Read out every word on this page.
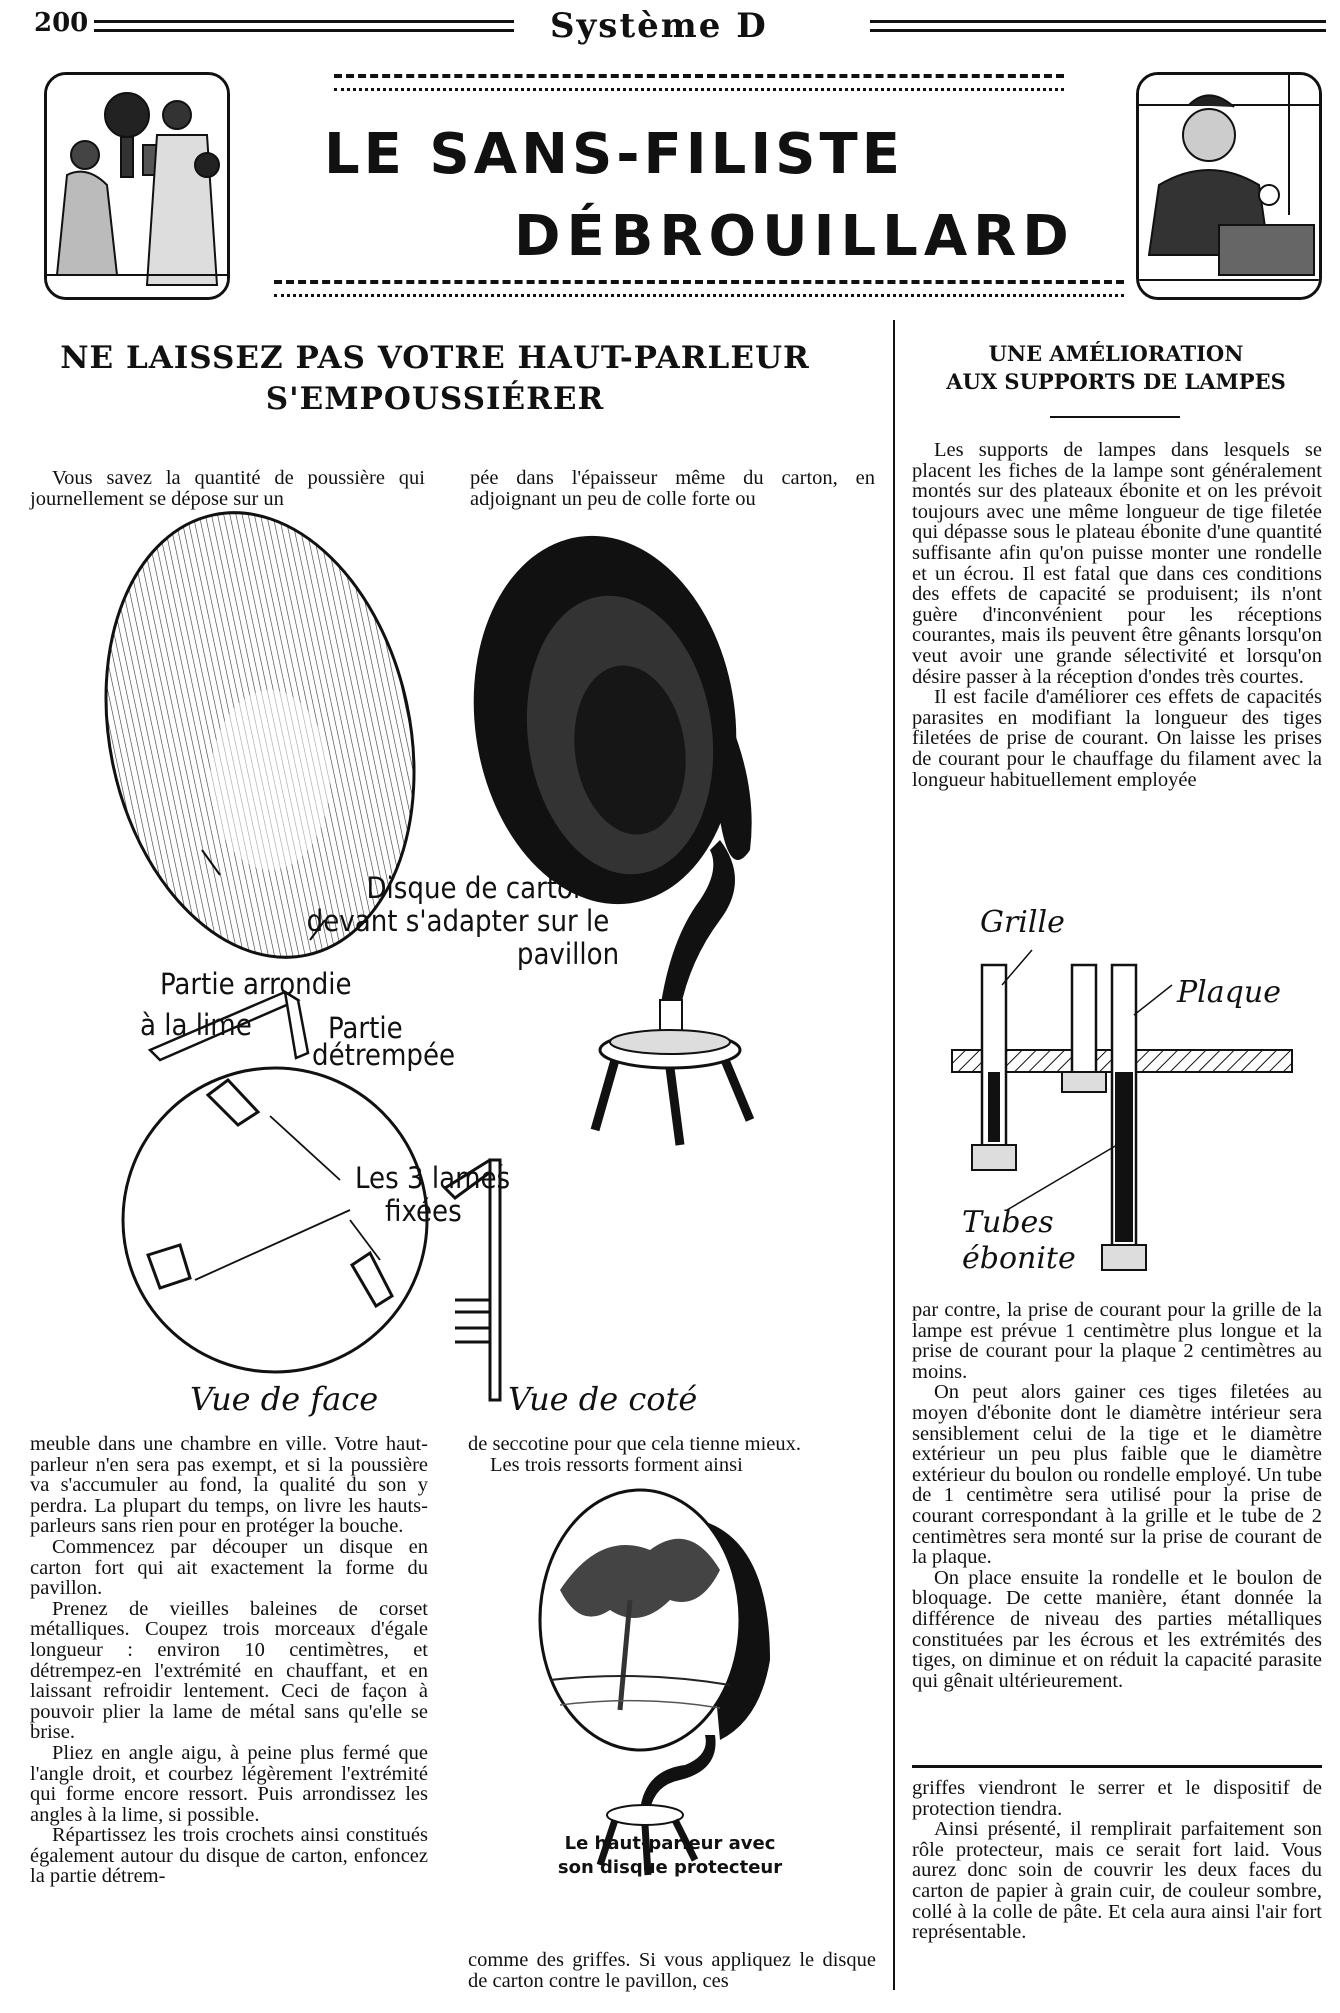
200	Système D
LE SANS-FILISTE
DÉBROUILLARD
NE LAISSEZ PAS VOTRE HAUT-PARLEUR
S'EMPOUSSIÉRER

Vous savez la quantité de poussière qui journellement se dépose sur un

pée dans l'épaisseur même du carton, en adjoignant un peu de colle forte ou

Disque de carton
devant s'adapter sur le
pavillon
Partie arrondie
à la lime	Partie
détrempée
Les 3 lames
fixées
Vue de face	Vue de coté

meuble dans une chambre en ville. Votre haut-parleur n'en sera pas exempt, et si la poussière va s'accumuler au fond, la qualité du son y perdra. La plupart du temps, on livre les hauts-parleurs sans rien pour en protéger la bouche.

Commencez par découper un disque en carton fort qui ait exactement la forme du pavillon.

Prenez de vieilles baleines de corset métalliques. Coupez trois morceaux d'égale longueur : environ 10 centimètres, et détrempez-en l'extrémité en chauffant, et en laissant refroidir lentement. Ceci de façon à pouvoir plier la lame de métal sans qu'elle se brise.

Pliez en angle aigu, à peine plus fermé que l'angle droit, et courbez légèrement l'extrémité qui forme encore ressort. Puis arrondissez les angles à la lime, si possible.

Répartissez les trois crochets ainsi constitués également autour du disque de carton, enfoncez la partie détrem-

de seccotine pour que cela tienne mieux.

Les trois ressorts forment ainsi

Le haut-parleur avec
son disque protecteur

comme des griffes. Si vous appliquez le disque de carton contre le pavillon, ces

UNE AMÉLIORATION
AUX SUPPORTS DE LAMPES

Les supports de lampes dans lesquels se placent les fiches de la lampe sont généralement montés sur des plateaux ébonite et on les prévoit toujours avec une même longueur de tige filetée qui dépasse sous le plateau ébonite d'une quantité suffisante afin qu'on puisse monter une rondelle et un écrou. Il est fatal que dans ces conditions des effets de capacité se produisent; ils n'ont guère d'inconvénient pour les réceptions courantes, mais ils peuvent être gênants lorsqu'on veut avoir une grande sélectivité et lorsqu'on désire passer à la réception d'ondes très courtes.

Il est facile d'améliorer ces effets de capacités parasites en modifiant la longueur des tiges filetées de prise de courant. On laisse les prises de courant pour le chauffage du filament avec la longueur habituellement employée

Grille
Plaque
Tubes
ébonite

par contre, la prise de courant pour la grille de la lampe est prévue 1 centimètre plus longue et la prise de courant pour la plaque 2 centimètres au moins.

On peut alors gainer ces tiges filetées au moyen d'ébonite dont le diamètre intérieur sera sensiblement celui de la tige et le diamètre extérieur un peu plus faible que le diamètre extérieur du boulon ou rondelle employé. Un tube de 1 centimètre sera utilisé pour la prise de courant correspondant à la grille et le tube de 2 centimètres sera monté sur la prise de courant de la plaque.

On place ensuite la rondelle et le boulon de bloquage. De cette manière, étant donnée la différence de niveau des parties métalliques constituées par les écrous et les extrémités des tiges, on diminue et on réduit la capacité parasite qui gênait ultérieurement.

griffes viendront le serrer et le dispositif de protection tiendra.

Ainsi présenté, il remplirait parfaitement son rôle protecteur, mais ce serait fort laid. Vous aurez donc soin de couvrir les deux faces du carton de papier à grain cuir, de couleur sombre, collé à la colle de pâte. Et cela aura ainsi l'air fort représentable.
